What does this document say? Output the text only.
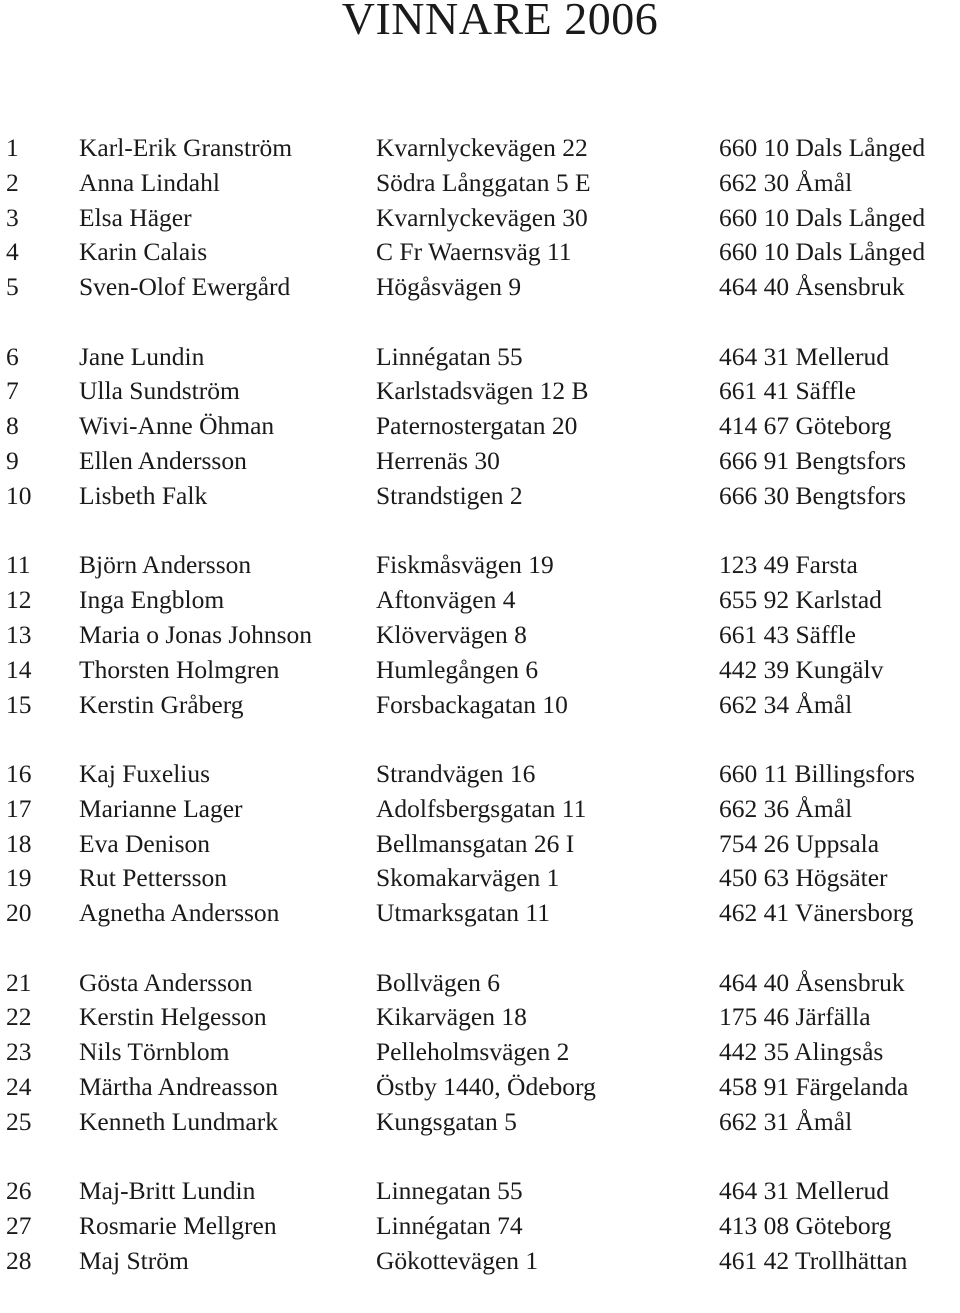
VINNARE 2006
1 Karl-Erik Granström	Kvarnlyckevägen 22	660 10 Dals Långed
2 Anna Lindahl	Södra Långgatan 5 E	662 30 Åmål
3 Elsa Häger	Kvarnlyckevägen 30	660 10 Dals Långed
4 Karin Calais	C Fr Waernsväg 11	660 10 Dals Långed
5 Sven-Olof Ewergård	Högåsvägen 9	464 40 Åsensbruk
6 Jane Lundin	Linnégatan 55	464 31 Mellerud
7 Ulla Sundström	Karlstadsvägen 12 B	661 41 Säffle
8 Wivi-Anne Öhman	Paternostergatan 20	414 67 Göteborg
9 Ellen Andersson	Herrenäs 30	666 91 Bengtsfors
10 Lisbeth Falk	Strandstigen 2	666 30 Bengtsfors
11 Björn Andersson	Fiskmåsvägen 19	123 49 Farsta
12 Inga Engblom	Aftonvägen 4	655 92 Karlstad
13 Maria o Jonas Johnson	Klövervägen 8	661 43 Säffle
14 Thorsten Holmgren	Humlegången 6	442 39 Kungälv
15 Kerstin Gråberg	Forsbackagatan 10	662 34 Åmål
16 Kaj Fuxelius	Strandvägen 16	660 11 Billingsfors
17 Marianne Lager	Adolfsbergsgatan 11	662 36 Åmål
18 Eva Denison	Bellmansgatan 26 I	754 26 Uppsala
19 Rut Pettersson	Skomakarvägen 1	450 63 Högsäter
20 Agnetha Andersson	Utmarksgatan 11	462 41 Vänersborg
21 Gösta Andersson	Bollvägen 6	464 40 Åsensbruk
22 Kerstin Helgesson	Kikarvägen 18	175 46 Järfälla
23 Nils Törnblom	Pelleholmsvägen 2	442 35 Alingsås
24 Märtha Andreasson	Östby 1440, Ödeborg	458 91 Färgelanda
25 Kenneth Lundmark	Kungsgatan 5	662 31 Åmål
26 Maj-Britt Lundin	Linnegatan 55	464 31 Mellerud
27 Rosmarie Mellgren	Linnégatan 74	413 08 Göteborg
28 Maj Ström	Gökottevägen 1	461 42 Trollhättan
